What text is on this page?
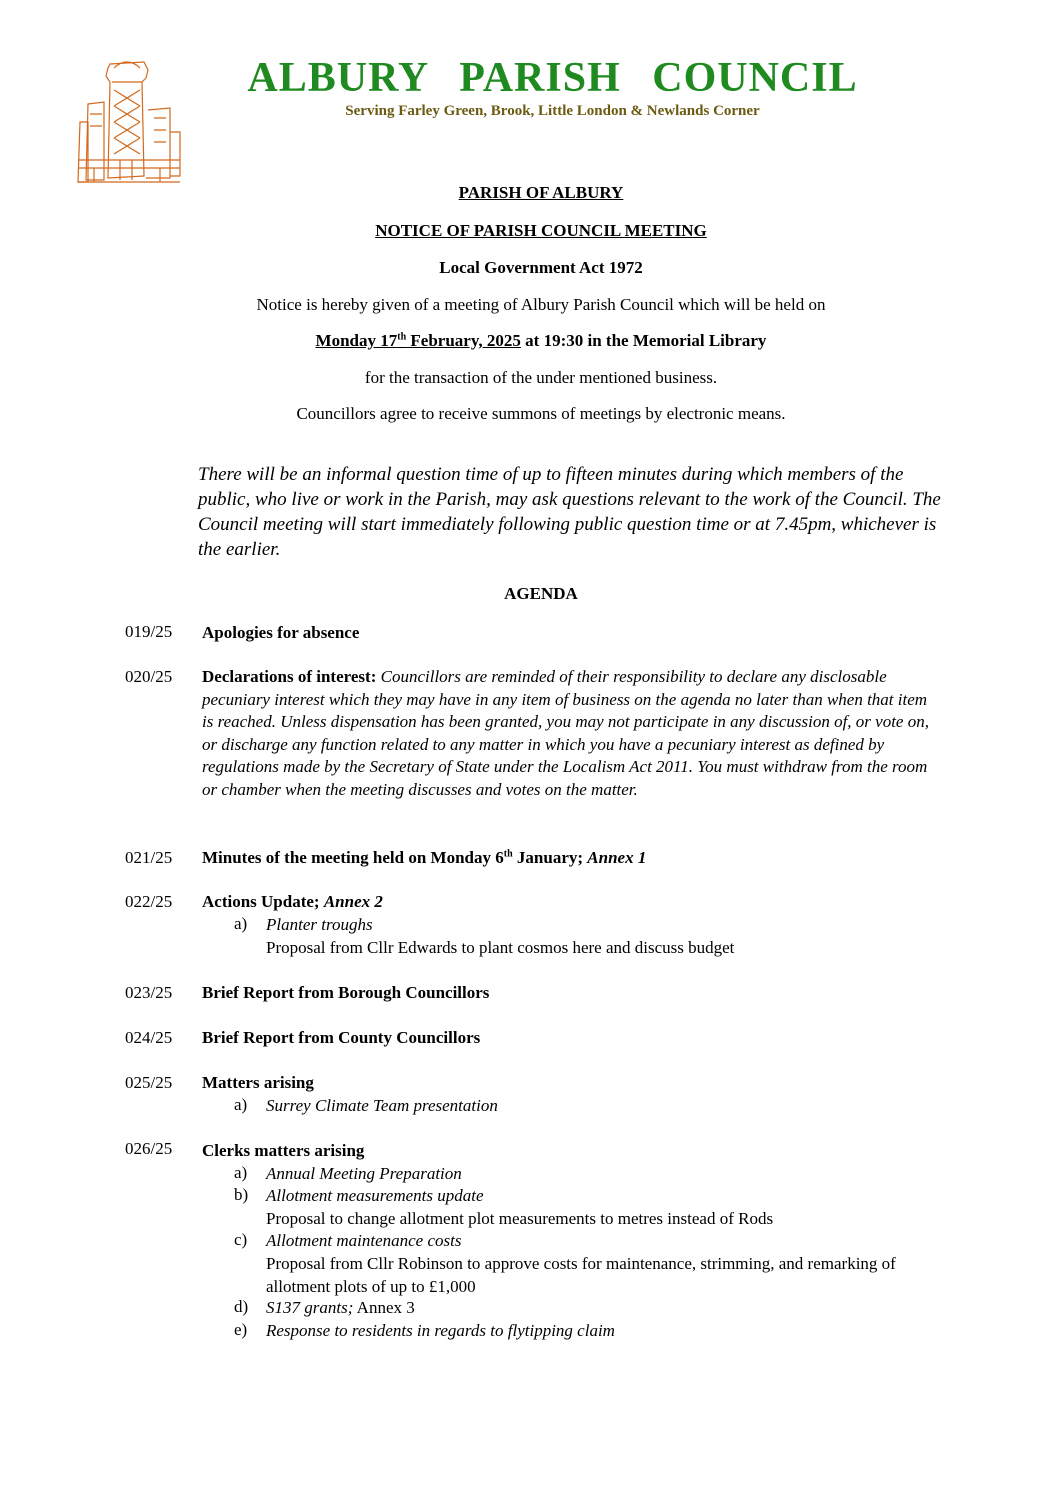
ALBURY PARISH COUNCIL
Serving Farley Green, Brook, Little London & Newlands Corner
PARISH OF ALBURY
NOTICE OF PARISH COUNCIL MEETING
Local Government Act 1972
Notice is hereby given of a meeting of Albury Parish Council which will be held on
Monday 17th February, 2025 at 19:30 in the Memorial Library
for the transaction of the under mentioned business.
Councillors agree to receive summons of meetings by electronic means.
There will be an informal question time of up to fifteen minutes during which members of the public, who live or work in the Parish, may ask questions relevant to the work of the Council. The Council meeting will start immediately following public question time or at 7.45pm, whichever is the earlier.
AGENDA
019/25 Apologies for absence
020/25 Declarations of interest: Councillors are reminded of their responsibility to declare any disclosable pecuniary interest which they may have in any item of business on the agenda no later than when that item is reached. Unless dispensation has been granted, you may not participate in any discussion of, or vote on, or discharge any function related to any matter in which you have a pecuniary interest as defined by regulations made by the Secretary of State under the Localism Act 2011. You must withdraw from the room or chamber when the meeting discusses and votes on the matter.
021/25 Minutes of the meeting held on Monday 6th January; Annex 1
022/25 Actions Update; Annex 2
a) Planter troughs
Proposal from Cllr Edwards to plant cosmos here and discuss budget
023/25 Brief Report from Borough Councillors
024/25 Brief Report from County Councillors
025/25 Matters arising
a) Surrey Climate Team presentation
026/25 Clerks matters arising
a) Annual Meeting Preparation
b) Allotment measurements update
Proposal to change allotment plot measurements to metres instead of Rods
c) Allotment maintenance costs
Proposal from Cllr Robinson to approve costs for maintenance, strimming, and remarking of allotment plots of up to £1,000
d) S137 grants; Annex 3
e) Response to residents in regards to flytipping claim
